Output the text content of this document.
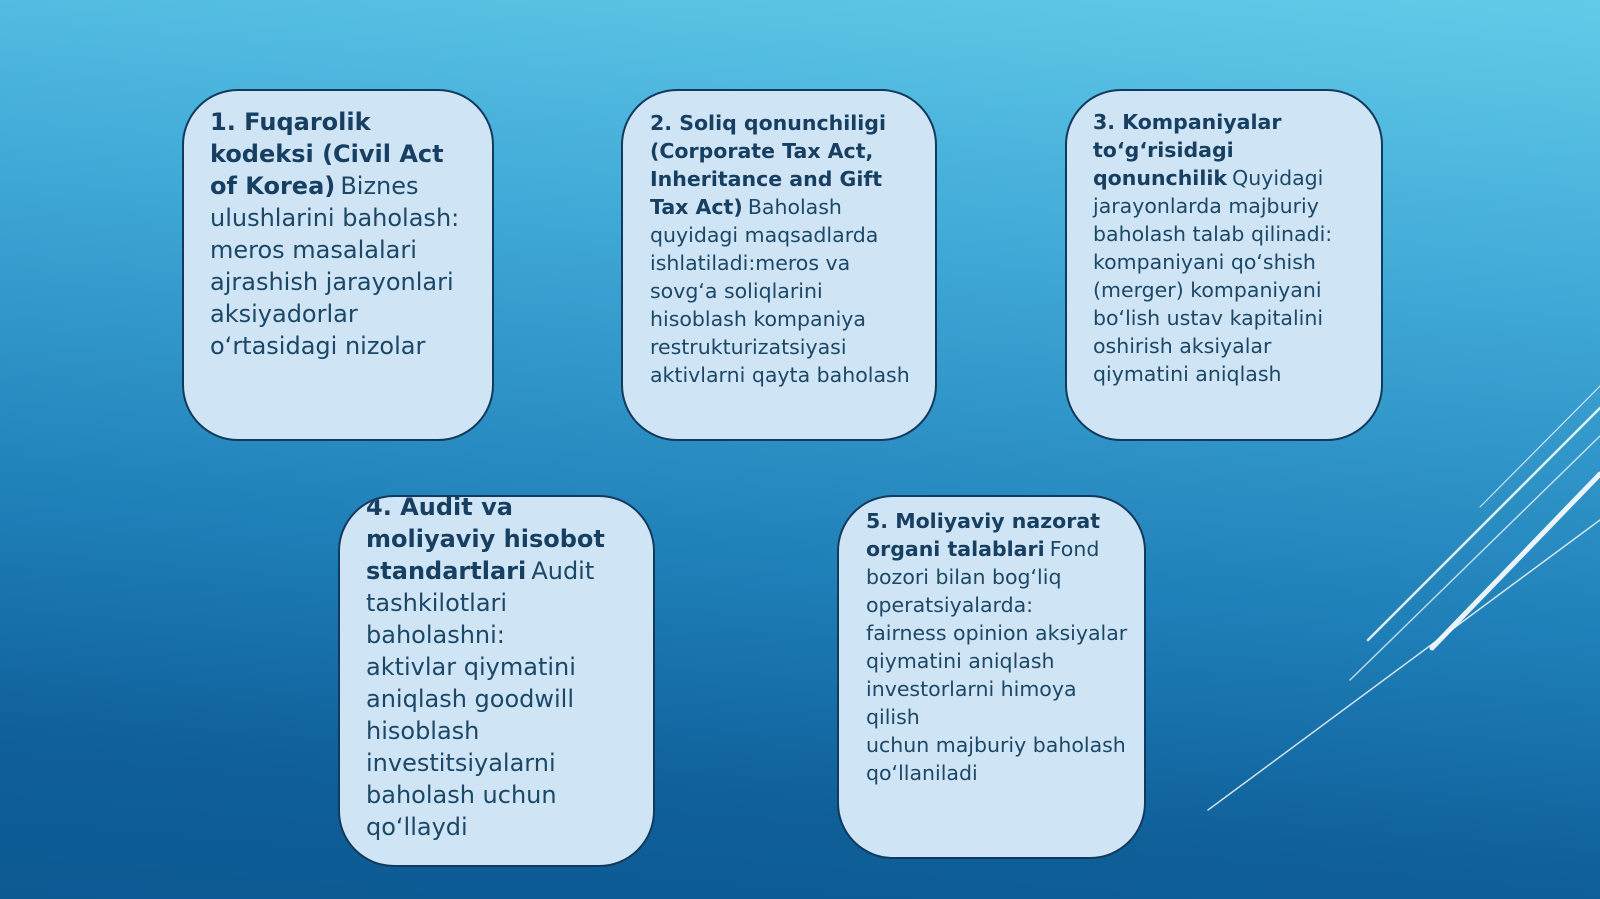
1. Fuqarolik kodeksi (Civil Act of Korea) Biznes ulushlarini baholash:
meros masalalari ajrashish jarayonlari aksiyadorlar o‘rtasidagi nizolar

2. Soliq qonunchiligi (Corporate Tax Act, Inheritance and Gift Tax Act) Baholash quyidagi maqsadlarda ishlatiladi:meros va sovg‘a soliqlarini hisoblash kompaniya restrukturizatsiyasi aktivlarni qayta baholash

3. Kompaniyalar to‘g‘risidagi qonunchilik Quyidagi jarayonlarda majburiy baholash talab qilinadi: kompaniyani qo‘shish (merger) kompaniyani bo‘lish ustav kapitalini oshirish aksiyalar qiymatini aniqlash

4. Audit va moliyaviy hisobot standartlari Audit tashkilotlari baholashni:
aktivlar qiymatini aniqlash goodwill hisoblash investitsiyalarni baholash uchun qo‘llaydi

5. Moliyaviy nazorat organi talablari Fond bozori bilan bog‘liq operatsiyalarda:
fairness opinion aksiyalar qiymatini aniqlash investorlarni himoya qilish
uchun majburiy baholash qo‘llaniladi
